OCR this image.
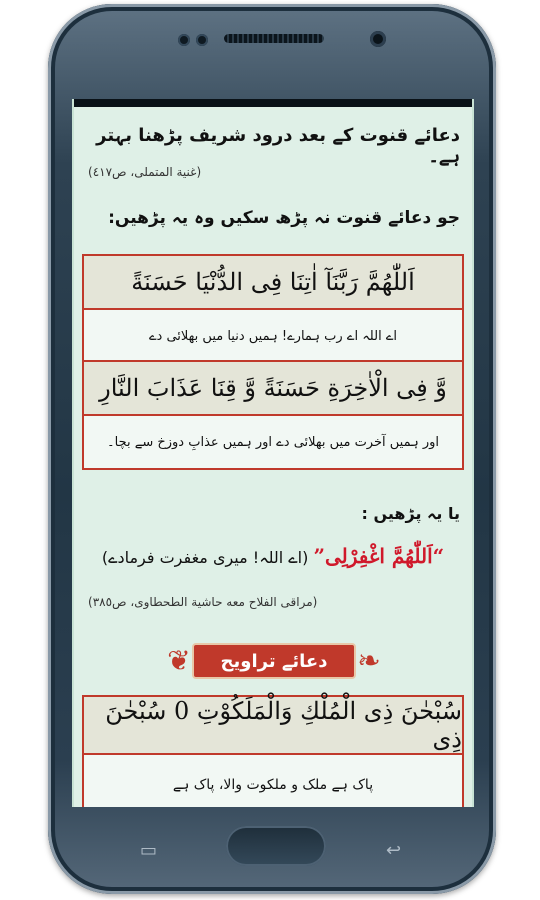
دعائے قنوت کے بعد درود شریف پڑھنا بہتر ہے۔
(غنية المتملى، ص٤١٧)
جو دعائے قنوت نہ پڑھ سکیں وہ یہ پڑھیں:
اَللّٰهُمَّ رَبَّنَآ اٰتِنَا فِى الدُّنْيَا حَسَنَةً
اے اللہ اے رب ہمارے! ہمیں دنیا میں بھلائی دے
وَّ فِى الْاٰخِرَةِ حَسَنَةً وَّ قِنَا عَذَابَ النَّارِ
اور ہمیں آخرت میں بھلائی دے اور ہمیں عذابِ دوزخ سے بچا۔
یا یہ پڑھیں :
“اَللّٰهُمَّ اغْفِرْلِى” (اے اللہ! میری مغفرت فرمادے)
(مراقى الفلاح معه حاشية الطحطاوى، ص٣٨٥)
❦	دعائے تراویح	❧
سُبْحٰنَ ذِى الْمُلْكِ وَالْمَلَكُوْتِ 0 سُبْحٰنَ ذِى
پاک ہے ملک و ملکوت والا، پاک ہے
▭	↩
